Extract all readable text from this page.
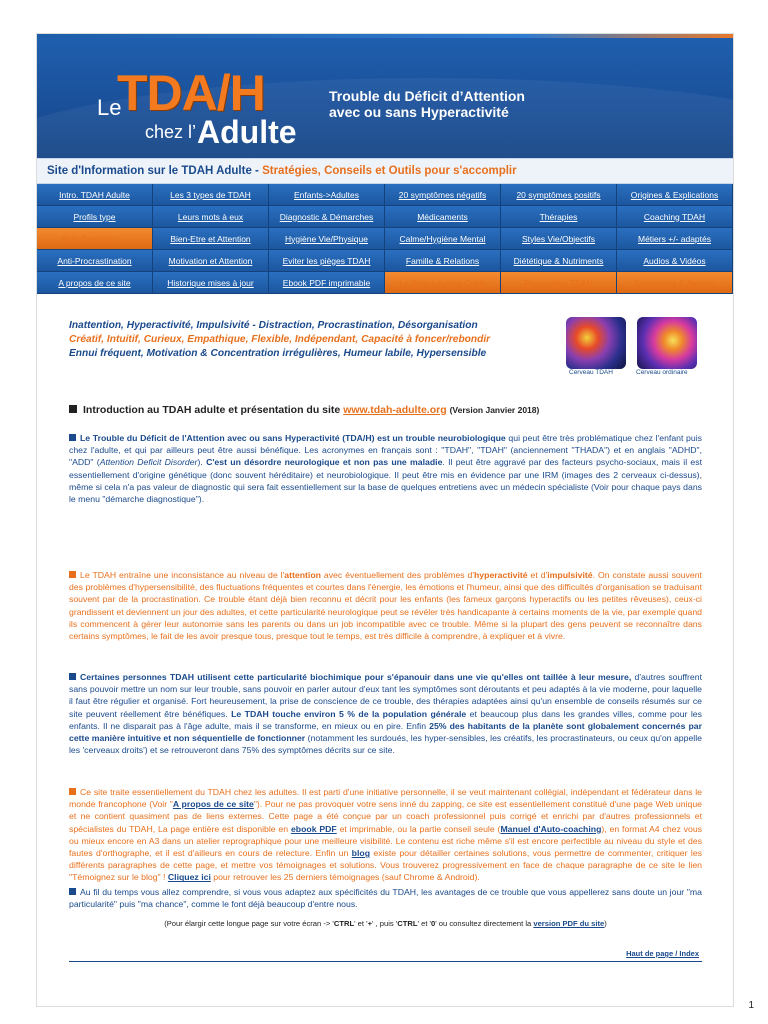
Le
TDA/H
chez l’ Adulte
Trouble du Déficit d’Attention
avec ou sans Hyperactivité
Site d'Information sur le TDAH Adulte - Stratégies, Conseils et Outils pour s'accomplir
Intro. TDAH Adulte	Les 3 types de TDAH	Enfants->Adultes	20 symptômes négatifs	20 symptômes positifs	Origines & Explications
Profils type	Leurs mots à eux	Diagnostic & Démarches	Médicaments	Thérapies	Coaching TDAH
Auto-Coaching →	Bien-Etre et Attention	Hygiène Vie/Physique	Calme/Hygiène Mental	Styles Vie/Objectifs	Métiers +/- adaptés
Anti-Procrastination	Motivation et Attention	Eviter les pièges TDAH	Famille & Relations	Diététique & Nutriments	Audios & Vidéos
A propos de ce site	Historique mises à jour	Ebook PDF imprimable	Le Blog + Autres Outils	Rencontres TDAH	Séminaires & Ateliers
Inattention, Hyperactivité, Impulsivité - Distraction, Procrastination, Désorganisation
Créatif, Intuitif, Curieux, Empathique, Flexible, Indépendant, Capacité à foncer/rebondir
Ennui fréquent, Motivation & Concentration irrégulières, Humeur labile, Hypersensible
Cerveau TDAH	Cerveau ordinaire
Introduction au TDAH adulte et présentation du site www.tdah-adulte.org (Version Janvier 2018)
Le Trouble du Déficit de l'Attention avec ou sans Hyperactivité (TDA/H) est un trouble neurobiologique qui peut être très problématique chez l'enfant puis chez l'adulte, et qui par ailleurs peut être aussi bénéfique. Les acronymes en français sont : "TDAH", "TDAH" (anciennement "THADA") et en anglais "ADHD", "ADD" (Attention Deficit Disorder). C'est un désordre neurologique et non pas une maladie. Il peut être aggravé par des facteurs psycho-sociaux, mais il est essentiellement d'origine génétique (donc souvent héréditaire) et neurobiologique. Il peut être mis en évidence par une IRM (images des 2 cerveaux ci-dessus), même si cela n'a pas valeur de diagnostic qui sera fait essentiellement sur la base de quelques entretiens avec un médecin spécialiste (Voir pour chaque pays dans le menu "démarche diagnostique").
Le TDAH entraîne une inconsistance au niveau de l'attention avec éventuellement des problèmes d'hyperactivité et d'impulsivité. On constate aussi souvent des problèmes d'hypersensibilité, des fluctuations fréquentes et courtes dans l'énergie, les émotions et l'humeur, ainsi que des difficultés d'organisation se traduisant souvent par de la procrastination. Ce trouble étant déjà bien reconnu et décrit pour les enfants (les fameux garçons hyperactifs ou les petites rêveuses), ceux-ci grandissent et deviennent un jour des adultes, et cette particularité neurologique peut se révéler très handicapante à certains moments de la vie, par exemple quand ils commencent à gérer leur autonomie sans les parents ou dans un job incompatible avec ce trouble. Même si la plupart des gens peuvent se reconnaître dans certains symptômes, le fait de les avoir presque tous, presque tout le temps, est très difficile à comprendre, à expliquer et à vivre.
Certaines personnes TDAH utilisent cette particularité biochimique pour s'épanouir dans une vie qu'elles ont taillée à leur mesure, d'autres souffrent sans pouvoir mettre un nom sur leur trouble, sans pouvoir en parler autour d'eux tant les symptômes sont déroutants et peu adaptés à la vie moderne, pour laquelle il faut être régulier et organisé. Fort heureusement, la prise de conscience de ce trouble, des thérapies adaptées ainsi qu'un ensemble de conseils résumés sur ce site peuvent réellement être bénéfiques. Le TDAH touche environ 5 % de la population générale et beaucoup plus dans les grandes villes, comme pour les enfants. Il ne disparait pas à l'âge adulte, mais il se transforme, en mieux ou en pire. Enfin 25% des habitants de la planète sont globalement concernés par cette manière intuitive et non séquentielle de fonctionner (notamment les surdoués, les hyper-sensibles, les créatifs, les procrastinateurs, ou ceux qu'on appelle les 'cerveaux droits') et se retrouveront dans 75% des symptômes décrits sur ce site.
Ce site traite essentiellement du TDAH chez les adultes. Il est parti d'une initiative personnelle, il se veut maintenant collégial, indépendant et fédérateur dans le monde francophone (Voir "A propos de ce site"). Pour ne pas provoquer votre sens inné du zapping, ce site est essentiellement constitué d'une page Web unique et ne contient quasiment pas de liens externes. Cette page a été conçue par un coach professionnel puis corrigé et enrichi par d'autres professionnels et spécialistes du TDAH, La page entière est disponible en ebook PDF et imprimable, ou la partie conseil seule (Manuel d'Auto-coaching), en format A4 chez vous ou mieux encore en A3 dans un atelier reprographique pour une meilleure visibilité. Le contenu est riche même s'il est encore perfectible au niveau du style et des fautes d'orthographe, et il est d'ailleurs en cours de relecture. Enfin un blog existe pour détailler certaines solutions, vous permettre de commenter, critiquer les différents paragraphes de cette page, et mettre vos témoignages et solutions. Vous trouverez progressivement en face de chaque paragraphe de ce site le lien "Témoignez sur le blog" ! Cliquez ici pour retrouver les 25 derniers témoignages (sauf Chrome & Android).
Au fil du temps vous allez comprendre, si vous vous adaptez aux spécificités du TDAH, les avantages de ce trouble que vous appellerez sans doute un jour "ma particularité" puis "ma chance", comme le font déjà beaucoup d'entre nous.
(Pour élargir cette longue page sur votre écran -> 'CTRL' et '+' , puis 'CTRL' et '0' ou consultez directement la version PDF du site)
Haut de page / Index
1
